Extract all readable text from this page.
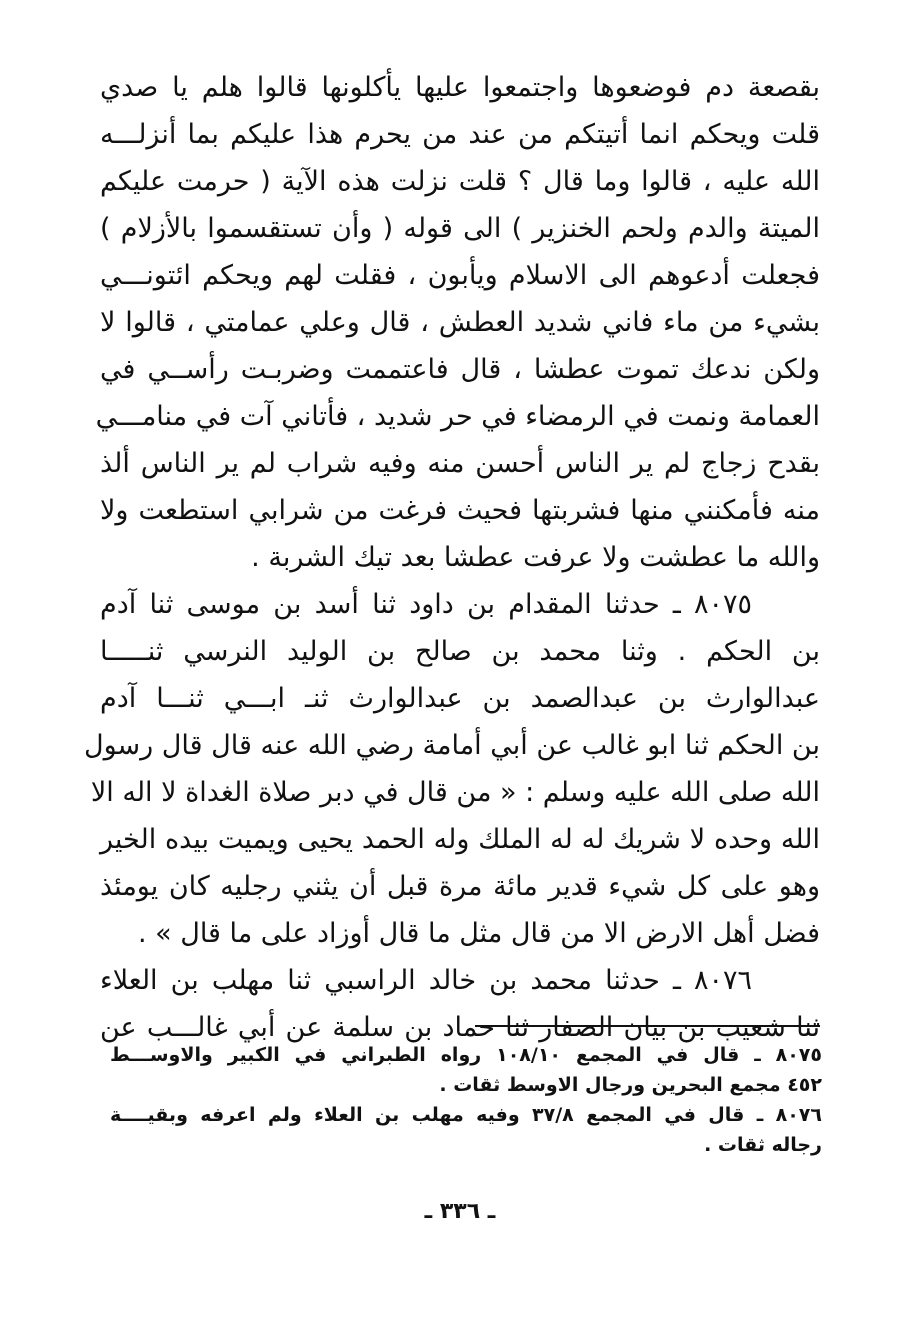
بقصعة دم فوضعوها واجتمعوا عليها يأكلونها قالوا هلم يا صدي
قلت ويحكم انما أتيتكم من عند من يحرم هذا عليكم بما أنزلـــه
الله عليه ، قالوا وما قال ؟ قلت نزلت هذه الآية ( حرمت عليكم
الميتة والدم ولحم الخنزير ) الى قوله ( وأن تستقسموا بالأزلام )
فجعلت أدعوهم الى الاسلام ويأبون ، فقلت لهم ويحكم ائتونـــي
بشيء من ماء فاني شديد العطش ، قال وعلي عمامتي ، قالوا لا
ولكن ندعك تموت عطشا ، قال فاعتممت وضربـت رأســي في
العمامة ونمت في الرمضاء في حر شديد ، فأتاني آت في منامـــي
بقدح زجاج لم ير الناس أحسن منه وفيه شراب لم ير الناس ألذ
منه فأمكنني منها فشربتها فحيث فرغت من شرابي استطعت ولا
والله ما عطشت ولا عرفت عطشا بعد تيك الشربة .
٨٠٧٥ ـ حدثنا المقدام بن داود ثنا أسد بن موسى ثنا آدم
بن الحكم . وثنا محمد بن صالح بن الوليد النرسي ثنـــــا
عبدالوارث بن عبدالصمد بن عبدالوارث ثنـ ابـــي ثنـــا آدم
بن الحكم ثنا ابو غالب عن أبي أمامة رضي الله عنه قال قال رسول
الله صلى الله عليه وسلم : « من قال في دبر صلاة الغداة لا اله الا
الله وحده لا شريك له له الملك وله الحمد يحيى ويميت بيده الخير
وهو على كل شيء قدير مائة مرة قبل أن يثني رجليه كان يومئذ
فضل أهل الارض الا من قال مثل ما قال أوزاد على ما قال » .
٨٠٧٦ ـ حدثنا محمد بن خالد الراسبي ثنا مهلب بن العلاء
ثنا شعيب بن بيان الصفار ثنا حماد بن سلمة عن أبي غالـــب عن
٨٠٧٥ ـ قال في المجمع ١٠٨/١٠ رواه الطبراني في الكبير والاوســـط
٤٥٢ مجمع البحرين ورجال الاوسط ثقات .
٨٠٧٦ ـ قال في المجمع ٣٧/٨ وفيه مهلب بن العلاء ولم اعرفه وبقيــــة
رجاله ثقات .
ـ ٣٣٦ ـ
